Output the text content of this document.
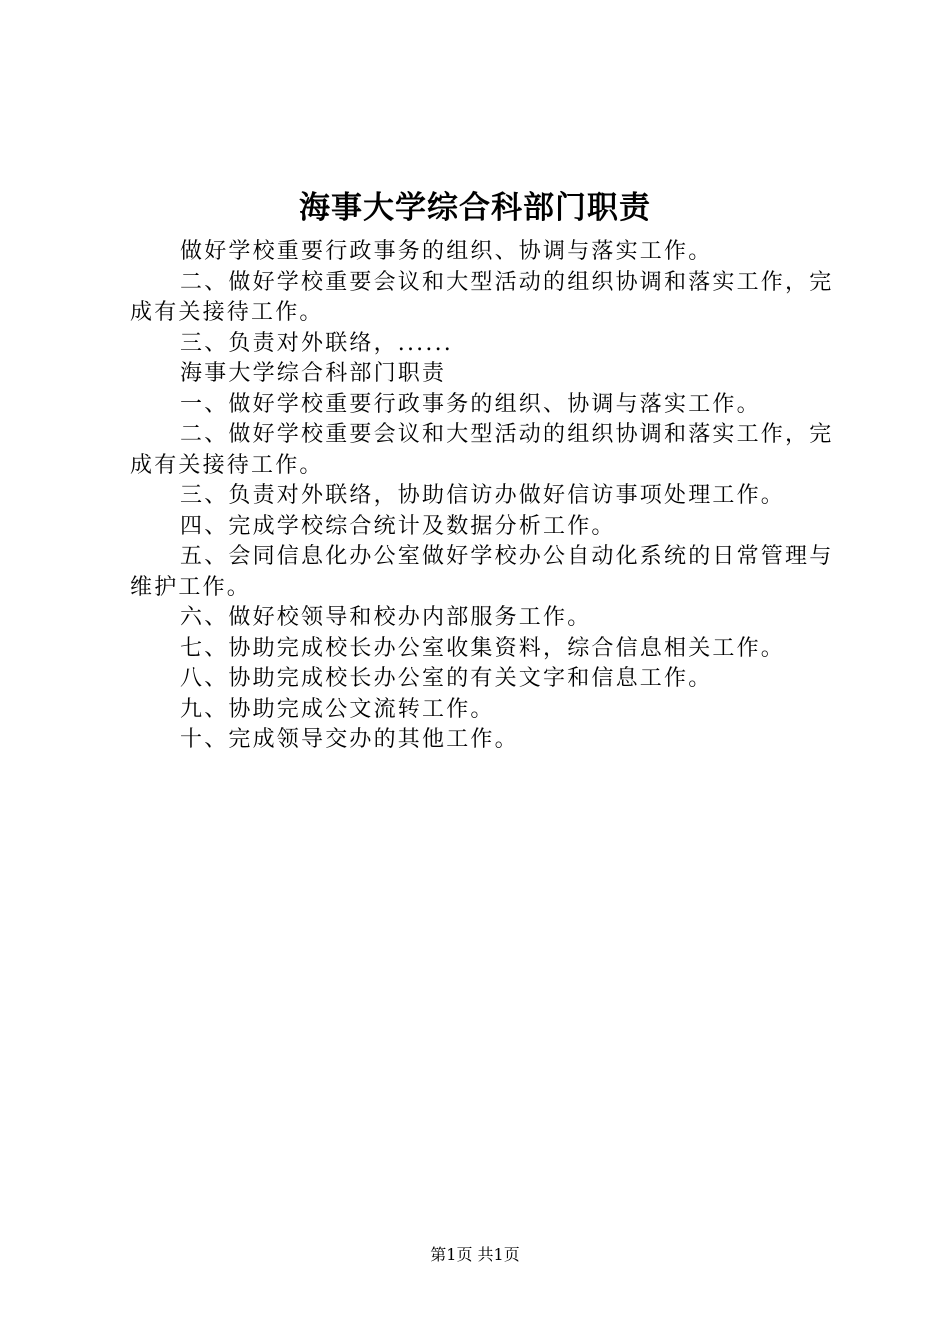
海事大学综合科部门职责

做好学校重要行政事务的组织、协调与落实工作。

二、做好学校重要会议和大型活动的组织协调和落实工作，完成有关接待工作。

三、负责对外联络，......

海事大学综合科部门职责

一、做好学校重要行政事务的组织、协调与落实工作。

二、做好学校重要会议和大型活动的组织协调和落实工作，完成有关接待工作。

三、负责对外联络，协助信访办做好信访事项处理工作。

四、完成学校综合统计及数据分析工作。

五、会同信息化办公室做好学校办公自动化系统的日常管理与维护工作。

六、做好校领导和校办内部服务工作。

七、协助完成校长办公室收集资料，综合信息相关工作。

八、协助完成校长办公室的有关文字和信息工作。

九、协助完成公文流转工作。

十、完成领导交办的其他工作。

第1页 共1页
